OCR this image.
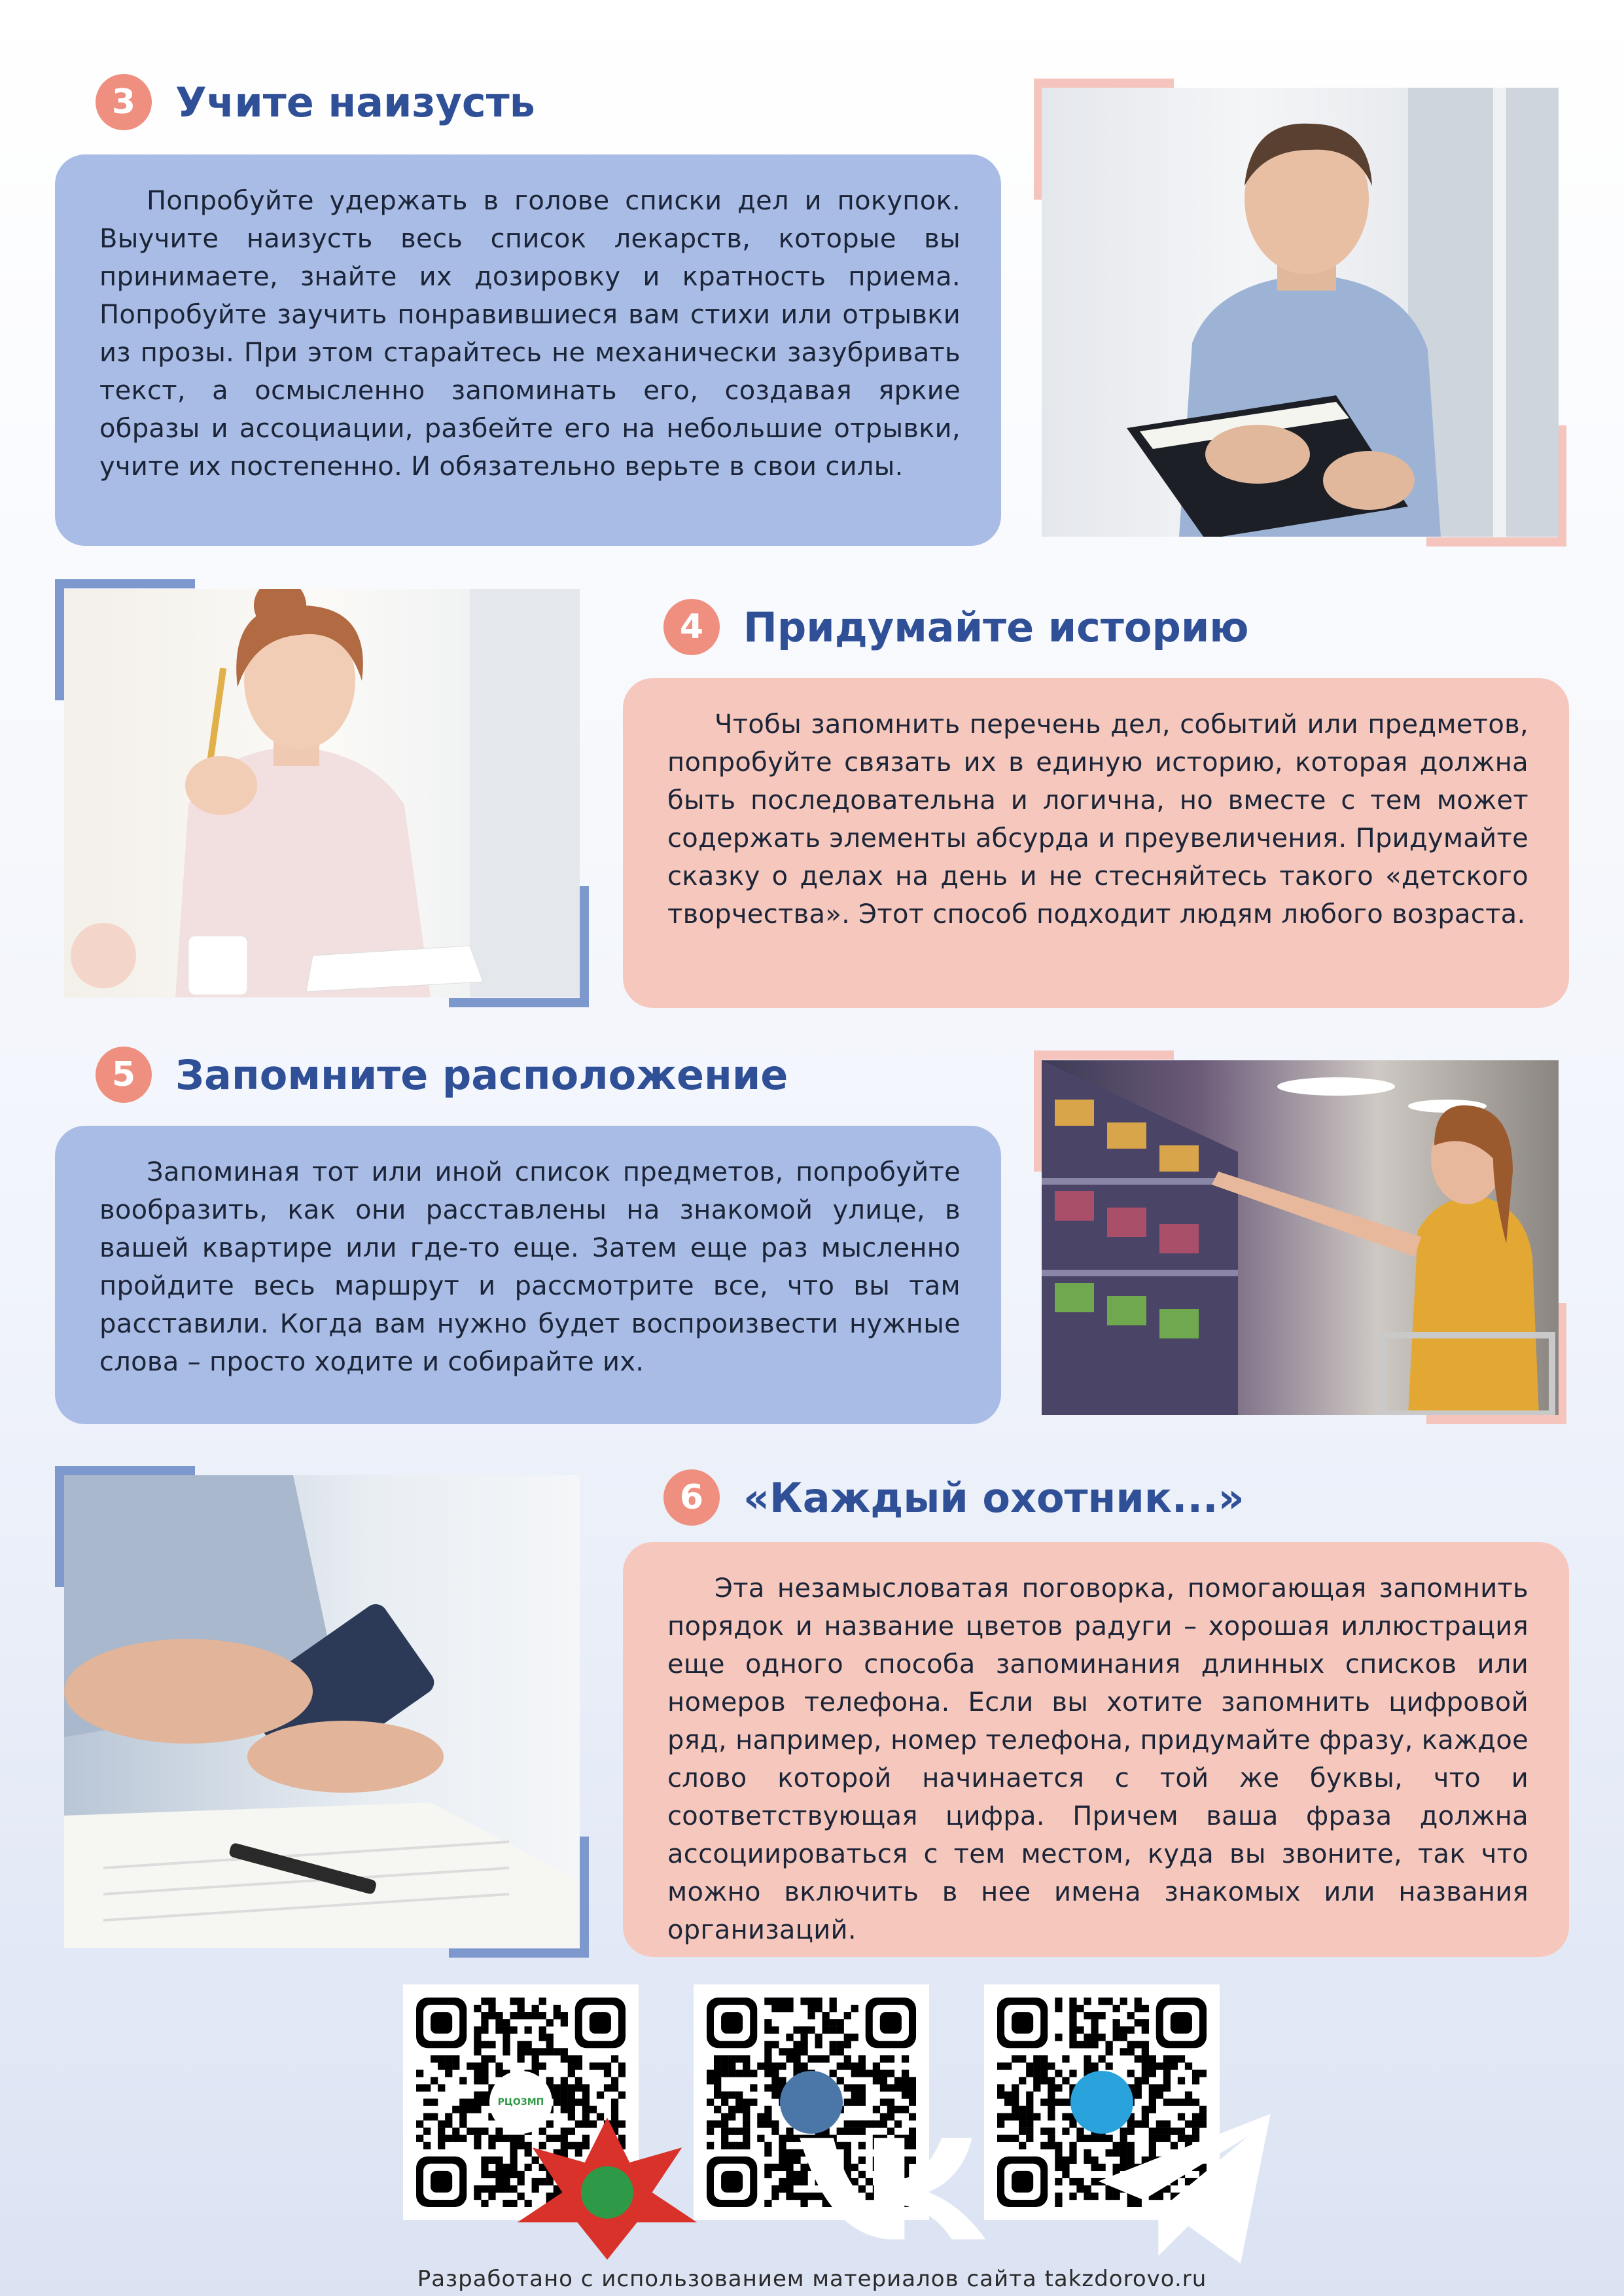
3 Учите наизусть

Попробуйте удержать в голове списки дел и покупок. Выучите наизусть весь список лекарств, которые вы принимаете, знайте их дозировку и кратность приема. Попробуйте заучить понравившиеся вам стихи или отрывки из прозы. При этом старайтесь не механически зазубривать текст, а осмысленно запоминать его, создавая яркие образы и ассоциации, разбейте его на небольшие отрывки, учите их постепенно. И обязательно верьте в свои силы.

4 Придумайте историю

Чтобы запомнить перечень дел, событий или предметов, попробуйте связать их в единую историю, которая должна быть последовательна и логична, но вместе с тем может содержать элементы абсурда и преувеличения. Придумайте сказку о делах на день и не стесняйтесь такого «детского творчества». Этот способ подходит людям любого возраста.

5 Запомните расположение

Запоминая тот или иной список предметов, попробуйте вообразить, как они расставлены на знакомой улице, в вашей квартире или где-то еще. Затем еще раз мысленно пройдите весь маршрут и рассмотрите все, что вы там расставили. Когда вам нужно будет воспроизвести нужные слова – просто ходите и собирайте их.

6 «Каждый охотник...»

Эта незамысловатая поговорка, помогающая запомнить порядок и название цветов радуги – хорошая иллюстрация еще одного способа запоминания длинных списков или номеров телефона. Если вы хотите запомнить цифровой ряд, например, номер телефона, придумайте фразу, каждое слово которой начинается с той же буквы, что и соответствующая цифра. Причем ваша фраза должна ассоциироваться с тем местом, куда вы звоните, так что можно включить в нее имена знакомых или названия организаций.

РЦОЗМП
Разработано с использованием материалов сайта takzdorovo.ru
